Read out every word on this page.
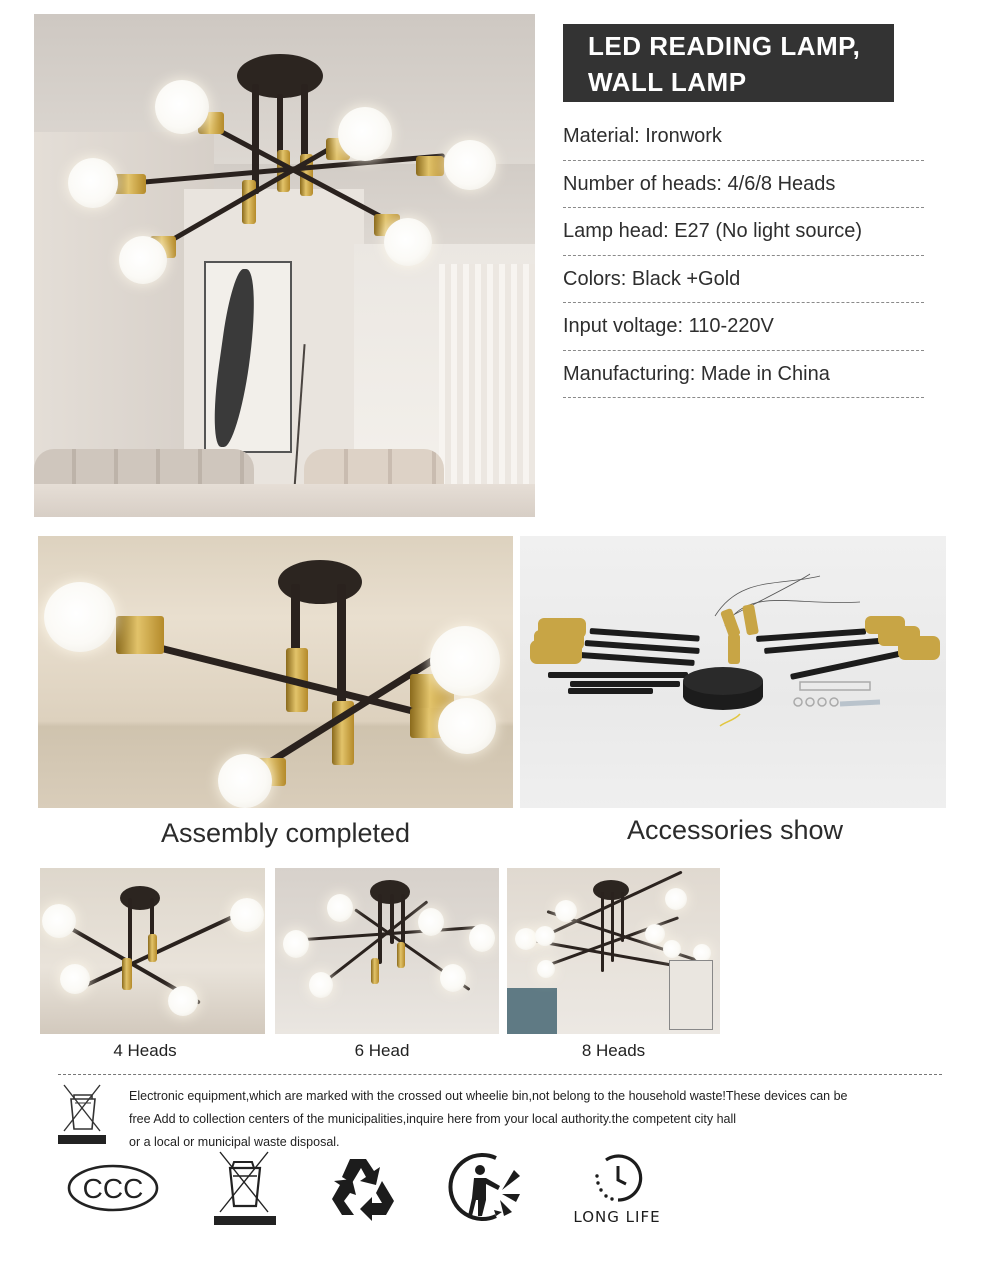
LED READING LAMP,
WALL LAMP
Material: Ironwork
Number of heads: 4/6/8 Heads
Lamp head: E27 (No light source)
Colors: Black +Gold
Input voltage: 110-220V
Manufacturing: Made in China
Assembly completed	Accessories show
4 Heads	6 Head	8 Heads
Electronic equipment,which are marked with the crossed out wheelie bin,not belong to the household waste!These devices can be
free Add to collection centers of the municipalities,inquire here from your local authority.the competent city hall
or a local or municipal waste disposal.
CCC
LONG LIFE
